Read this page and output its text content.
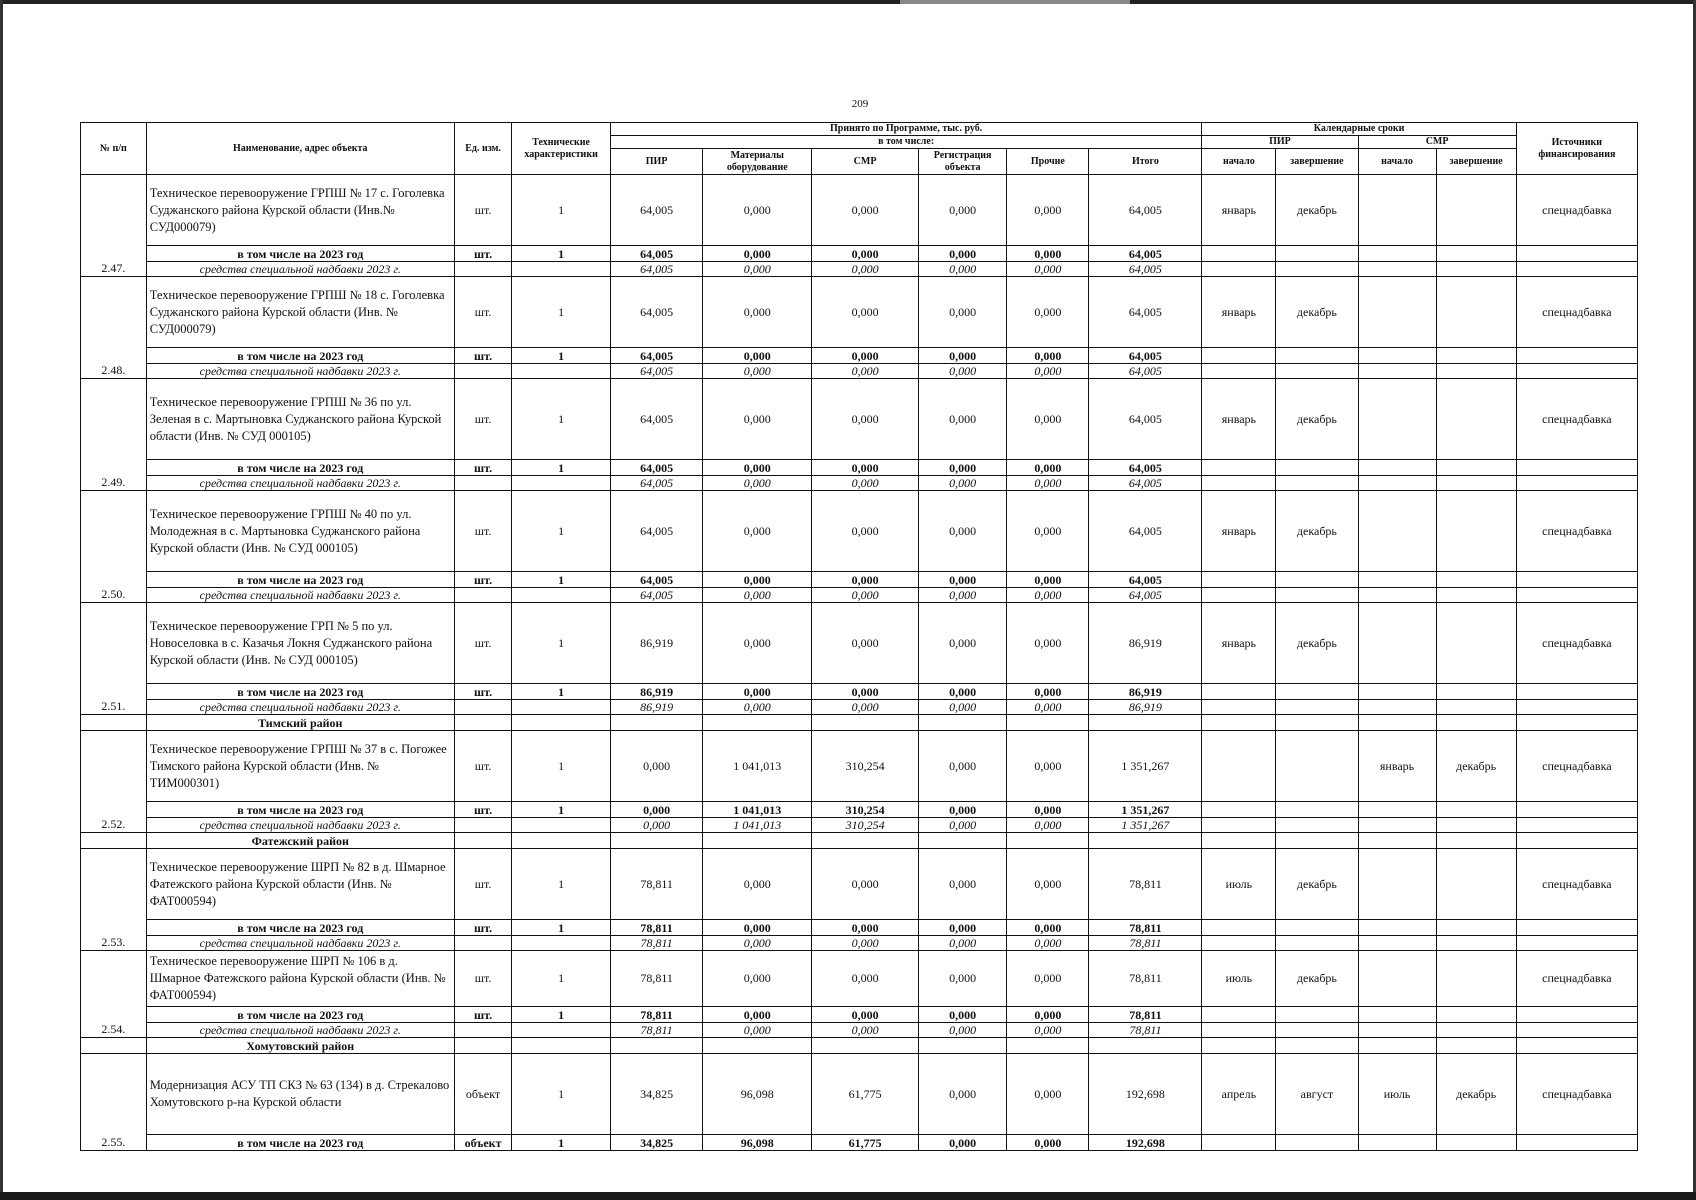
209
№ п/п	Наименование, адрес объекта	Ед. изм.	Технические характеристики	Принято по Программе, тыс. руб.						Календарные сроки				Источники финансирования
				в том числе:						ПИР		СМР		
				ПИР	Материалы оборудование	СМР	Регистрация объекта	Прочие	Итого	начало	завершение	начало	завершение	
2.47.	Техническое перевооружение ГРПШ № 17 с. Гоголевка Суджанского района Курской области (Инв.№ СУД000079)	шт.	1	64,005	0,000	0,000	0,000	0,000	64,005	январь	декабрь			спецнадбавка
	в том числе на 2023 год	шт.	1	64,005	0,000	0,000	0,000	0,000	64,005					
	средства специальной надбавки 2023 г.			64,005	0,000	0,000	0,000	0,000	64,005					
2.48.	Техническое перевооружение ГРПШ № 18 с. Гоголевка Суджанского района Курской области (Инв. № СУД000079)	шт.	1	64,005	0,000	0,000	0,000	0,000	64,005	январь	декабрь			спецнадбавка
	в том числе на 2023 год	шт.	1	64,005	0,000	0,000	0,000	0,000	64,005					
	средства специальной надбавки 2023 г.			64,005	0,000	0,000	0,000	0,000	64,005					
2.49.	Техническое перевооружение ГРПШ № 36 по ул. Зеленая в с. Мартыновка Суджанского района Курской области (Инв. № СУД 000105)	шт.	1	64,005	0,000	0,000	0,000	0,000	64,005	январь	декабрь			спецнадбавка
	в том числе на 2023 год	шт.	1	64,005	0,000	0,000	0,000	0,000	64,005					
	средства специальной надбавки 2023 г.			64,005	0,000	0,000	0,000	0,000	64,005					
2.50.	Техническое перевооружение ГРПШ № 40 по ул. Молодежная в с. Мартыновка Суджанского района Курской области (Инв. № СУД 000105)	шт.	1	64,005	0,000	0,000	0,000	0,000	64,005	январь	декабрь			спецнадбавка
	в том числе на 2023 год	шт.	1	64,005	0,000	0,000	0,000	0,000	64,005					
	средства специальной надбавки 2023 г.			64,005	0,000	0,000	0,000	0,000	64,005					
2.51.	Техническое перевооружение ГРП № 5 по ул. Новоселовка в с. Казачья Локня Суджанского района Курской области (Инв. № СУД 000105)	шт.	1	86,919	0,000	0,000	0,000	0,000	86,919	январь	декабрь			спецнадбавка
	в том числе на 2023 год	шт.	1	86,919	0,000	0,000	0,000	0,000	86,919					
	средства специальной надбавки 2023 г.			86,919	0,000	0,000	0,000	0,000	86,919					
	Тимский район													
2.52.	Техническое перевооружение ГРПШ № 37 в с. Погожее Тимского района Курской области (Инв. № ТИМ000301)	шт.	1	0,000	1 041,013	310,254	0,000	0,000	1 351,267			январь	декабрь	спецнадбавка
	в том числе на 2023 год	шт.	1	0,000	1 041,013	310,254	0,000	0,000	1 351,267					
	средства специальной надбавки 2023 г.			0,000	1 041,013	310,254	0,000	0,000	1 351,267					
	Фатежский район													
2.53.	Техническое перевооружение ШРП № 82 в д. Шмарное Фатежского района Курской области (Инв. № ФАТ000594)	шт.	1	78,811	0,000	0,000	0,000	0,000	78,811	июль	декабрь			спецнадбавка
	в том числе на 2023 год	шт.	1	78,811	0,000	0,000	0,000	0,000	78,811					
	средства специальной надбавки 2023 г.			78,811	0,000	0,000	0,000	0,000	78,811					
2.54.	Техническое перевооружение ШРП № 106 в д. Шмарное Фатежского района Курской области (Инв. № ФАТ000594)	шт.	1	78,811	0,000	0,000	0,000	0,000	78,811	июль	декабрь			спецнадбавка
	в том числе на 2023 год	шт.	1	78,811	0,000	0,000	0,000	0,000	78,811					
	средства специальной надбавки 2023 г.			78,811	0,000	0,000	0,000	0,000	78,811					
	Хомутовский район													
2.55.	Модернизация АСУ ТП СКЗ № 63 (134) в д. Стрекалово Хомутовского р-на Курской области	объект	1	34,825	96,098	61,775	0,000	0,000	192,698	апрель	август	июль	декабрь	спецнадбавка
	в том числе на 2023 год	объект	1	34,825	96,098	61,775	0,000	0,000	192,698					
